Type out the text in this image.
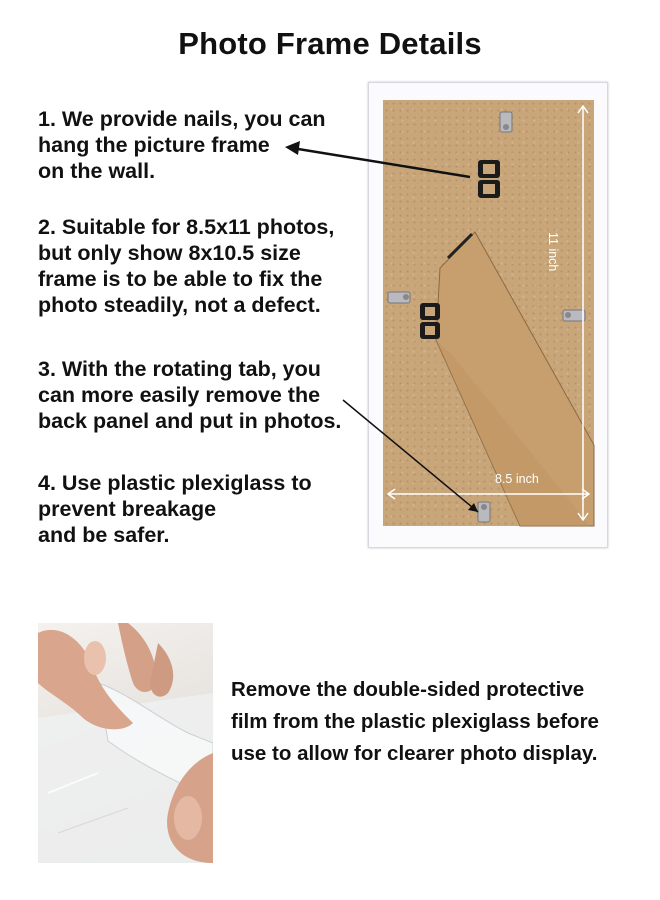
Photo Frame Details
1. We provide nails, you can
hang the picture frame
on the wall.
2. Suitable for 8.5x11 photos,
but only show 8x10.5 size
frame is to be able to fix the
photo steadily, not a defect.
3. With the rotating tab, you
can more easily remove the
back panel and put in photos.
4. Use plastic plexiglass to
prevent breakage
and be safer.
8.5 inch
11 inch
Remove the double-sided protective
film from the plastic plexiglass before
use to allow for clearer photo display.
